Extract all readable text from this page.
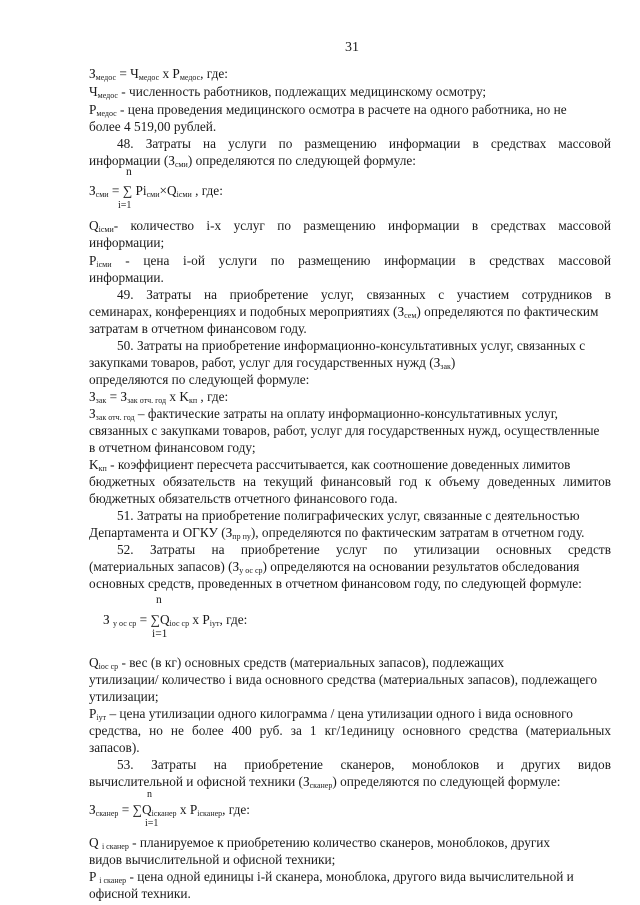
31
$З_{медос} = Ч_{медос}$ x $Р_{медос}$, где:
$Ч_{медос}$ - численность работников, подлежащих медицинскому осмотру;
$Р_{медос}$ - цена проведения медицинского осмотра в расчете на одного работника, но не
более 4 519,00 рублей.
48. Затраты на услуги по размещению информации в средствах массовой
информации $(З_{сми})$ определяются по следующей формуле:
n
$З_{сми}$ = ∑ $Pi_{сми}\times Q_{iсми}$ , где:
i=1
$Q_{iсми}-$ количество i-х услуг по размещению информации в средствах массовой
информации;
$P_{iсми}$ - цена i-ой услуги по размещению информации в средствах массовой
информации.
49. Затраты на приобретение услуг, связанных с участием сотрудников в
семинарах, конференциях и подобных мероприятиях $(З_{сем})$ определяются по фактическим
затратам в отчетном финансовом году.
50. Затраты на приобретение информационно-консультативных услуг, связанных с
закупками товаров, работ, услуг для государственных нужд $(З_{зак})$
определяются по следующей формуле:
$З_{зак} = З_{зак отч. год}$ x $K_{кп}$ , где:
$З_{зак отч. год}$ – фактические затраты на оплату информационно-консультативных услуг,
связанных с закупками товаров, работ, услуг для государственных нужд, осуществленные
в отчетном финансовом году;
$K_{кп}$ - коэффициент пересчета рассчитывается, как соотношение доведенных лимитов
бюджетных обязательств на текущий финансовый год к объему доведенных лимитов
бюджетных обязательств отчетного финансового года.
51. Затраты на приобретение полиграфических услуг, связанные с деятельностью
Департамента и ОГКУ $(З_{пр пу})$, определяются по фактическим затратам в отчетном году.
52. Затраты на приобретение услуг по утилизации основных средств
(материальных запасов) $(З_{у ос ср})$ определяются на основании результатов обследования
основных средств, проведенных в отчетном финансовом году, по следующей формуле:
n
З $_{у ос ср} = \sum Q_{iос ср}$ x $P_{iут}$, где:
i=1
$Q_{iос ср}$ - вес (в кг) основных средств (материальных запасов), подлежащих
утилизации/ количество i вида основного средства (материальных запасов), подлежащего
утилизации;
$P_{iут}$ – цена утилизации одного килограмма / цена утилизации одного i вида основного
средства, но не более 400 руб. за 1 кг/1единицу основного средства (материальных
запасов).
53. Затраты на приобретение сканеров, моноблоков и других видов
вычислительной и офисной техники $(З_{сканер})$ определяются по следующей формуле:
n
$З_{сканер} = \sum Q_{iсканер}$ x $P_{iсканер}$, где:
i=1
Q $_{i сканер}$ - планируемое к приобретению количество сканеров, моноблоков, других
видов вычислительной и офисной техники;
P $_{i сканер}$ - цена одной единицы i-й сканера, моноблока, другого вида вычислительной и
офисной техники.
